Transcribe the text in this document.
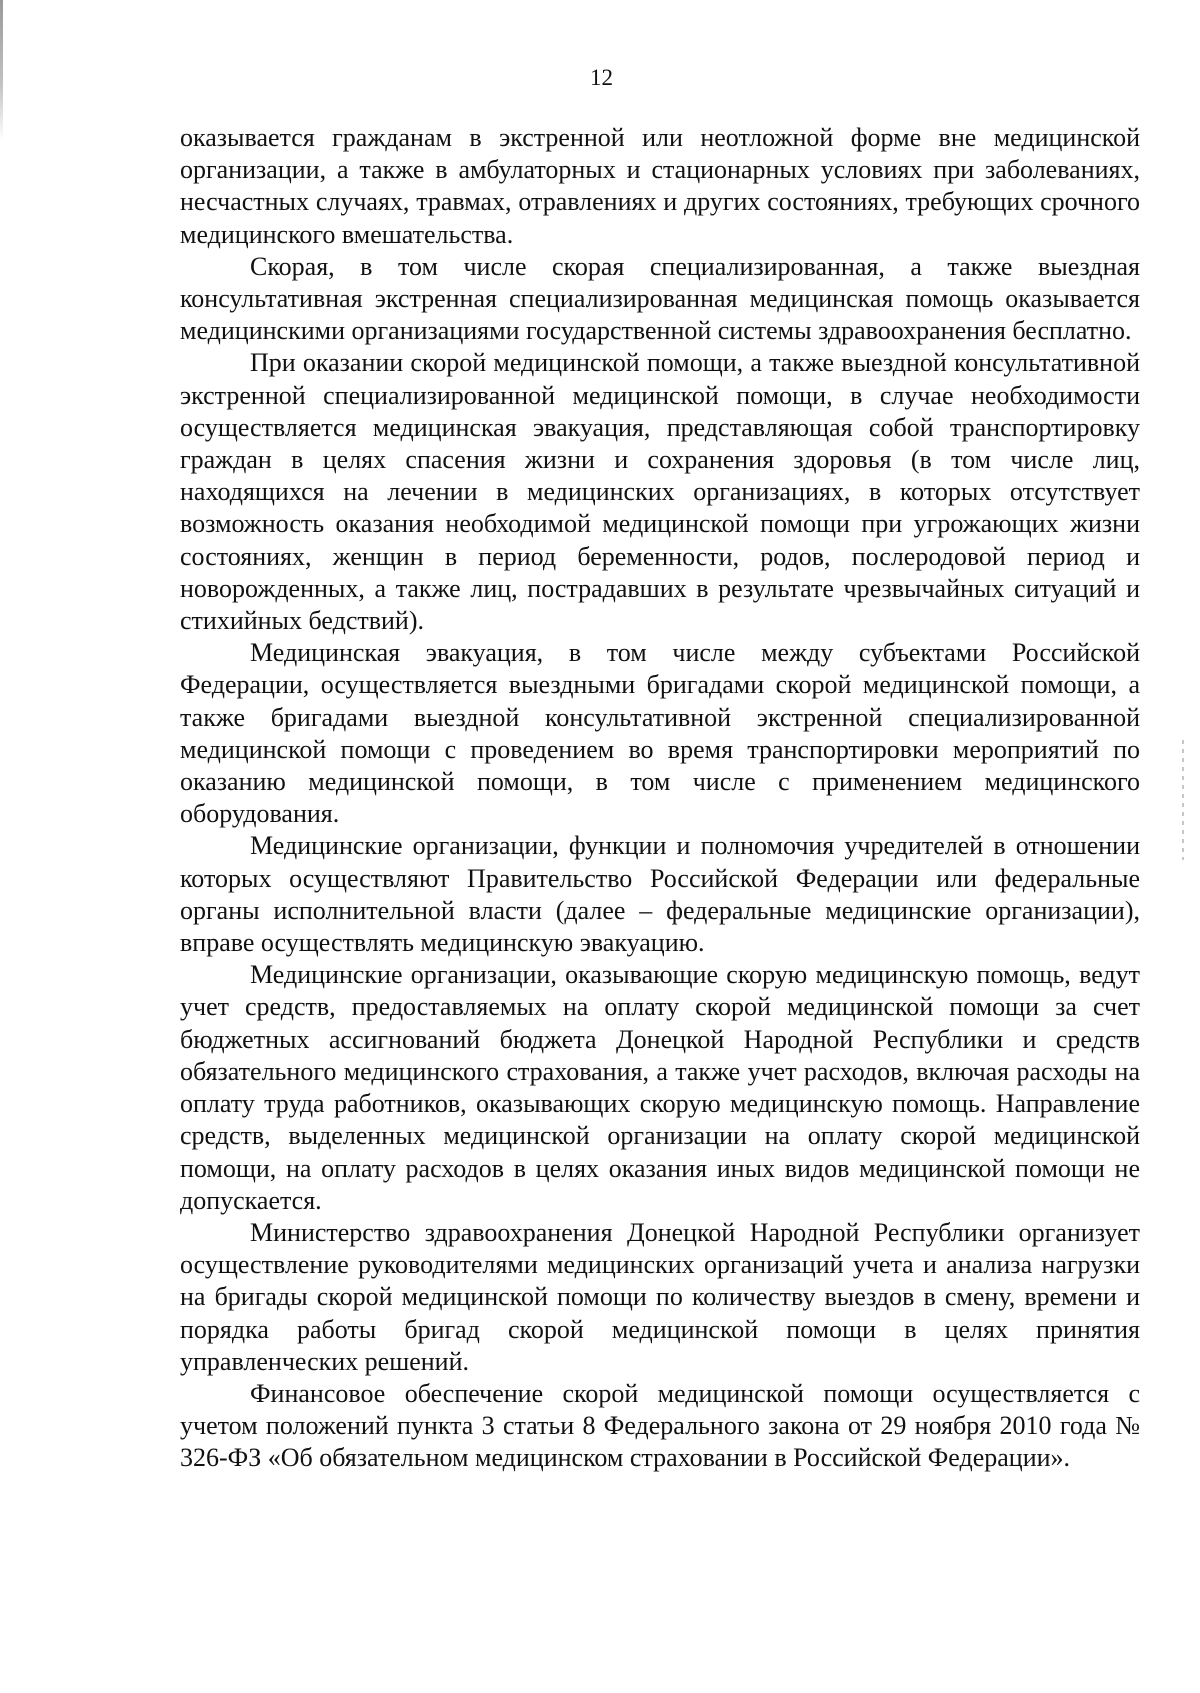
12

оказывается гражданам в экстренной или неотложной форме вне медицинской организации, а также в амбулаторных и стационарных условиях при заболеваниях, несчастных случаях, травмах, отравлениях и других состояниях, требующих срочного медицинского вмешательства.

Скорая, в том числе скорая специализированная, а также выездная консультативная экстренная специализированная медицинская помощь оказывается медицинскими организациями государственной системы здравоохранения бесплатно.

При оказании скорой медицинской помощи, а также выездной консультативной экстренной специализированной медицинской помощи, в случае необходимости осуществляется медицинская эвакуация, представляющая собой транспортировку граждан в целях спасения жизни и сохранения здоровья (в том числе лиц, находящихся на лечении в медицинских организациях, в которых отсутствует возможность оказания необходимой медицинской помощи при угрожающих жизни состояниях, женщин в период беременности, родов, послеродовой период и новорожденных, а также лиц, пострадавших в результате чрезвычайных ситуаций и стихийных бедствий).

Медицинская эвакуация, в том числе между субъектами Российской Федерации, осуществляется выездными бригадами скорой медицинской помощи, а также бригадами выездной консультативной экстренной специализированной медицинской помощи с проведением во время транспортировки мероприятий по оказанию медицинской помощи, в том числе с применением медицинского оборудования.

Медицинские организации, функции и полномочия учредителей в отношении которых осуществляют Правительство Российской Федерации или федеральные органы исполнительной власти (далее – федеральные медицинские организации), вправе осуществлять медицинскую эвакуацию.

Медицинские организации, оказывающие скорую медицинскую помощь, ведут учет средств, предоставляемых на оплату скорой медицинской помощи за счет бюджетных ассигнований бюджета Донецкой Народной Республики и средств обязательного медицинского страхования, а также учет расходов, включая расходы на оплату труда работников, оказывающих скорую медицинскую помощь. Направление средств, выделенных медицинской организации на оплату скорой медицинской помощи, на оплату расходов в целях оказания иных видов медицинской помощи не допускается.

Министерство здравоохранения Донецкой Народной Республики организует осуществление руководителями медицинских организаций учета и анализа нагрузки на бригады скорой медицинской помощи по количеству выездов в смену, времени и порядка работы бригад скорой медицинской помощи в целях принятия управленческих решений.

Финансовое обеспечение скорой медицинской помощи осуществляется с учетом положений пункта 3 статьи 8 Федерального закона от 29 ноября 2010 года № 326-ФЗ «Об обязательном медицинском страховании в Российской Федерации».
